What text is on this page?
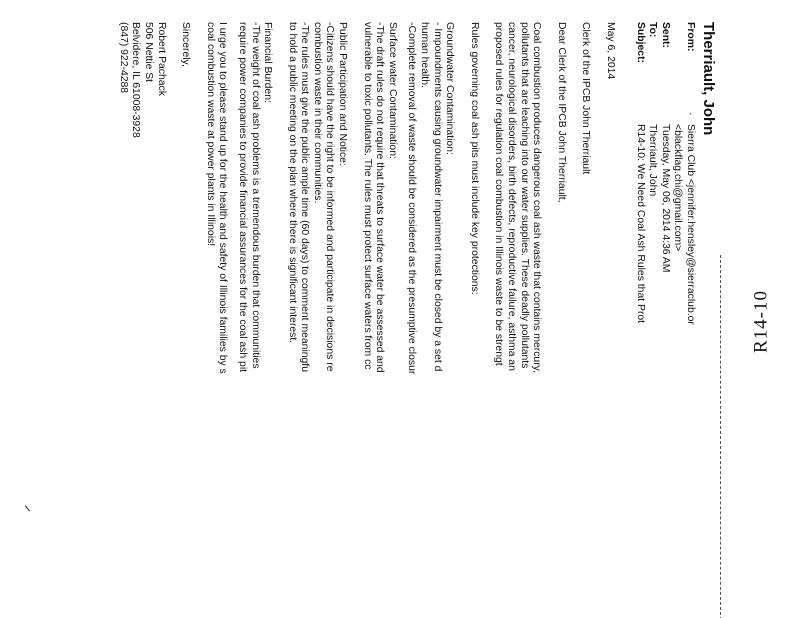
R14-10
Therriault, John
From:
·
Sierra Club <jennifer.hensley@sierraclub.or
<blackflag.chi@gmail.com>
Sent:
Tuesday, May 06, 2014 4:36 AM
To:
Therriault, John
Subject:
R14-10: We Need Coal Ash Rules that Prot
May 6, 2014
Clerk of the IPCB John Therriault
Dear Clerk of the IPCB John Therriault,
Coal combustion produces dangerous coal ash waste that contains mercury,
pollutants that are leaching into our water supplies. These deadly pollutants
cancer, neurological disorders, birth defects, reproductive failure, asthma an
proposed rules for regulation coal combustion in Illinois waste to be strengt
Rules governing coal ash pits must include key protections:
Groundwater Contamination:
- Impoundments causing groundwater impairment must be closed by a set d
human health.
-Complete removal of waste should be considered as the presumptive closur
Surface water Contamination:
-The draft rules do not require that threats to surface water be assessed and
vulnerable to toxic pollutants. The rules must protect surface waters from cc
Public Participation and Notice:
-Citizens should have the right to be informed and participate in decisions re
combustion waste in their communities.
-The rules must give the public ample time (60 days) to comment meaningfu
to hold a public meeting on the plan where there is significant interest.
Financial Burden:
-The weight of coal ash problems is a tremendous burden that communities
require power companies to provide financial assurances for the coal ash pit
I urge you to please stand up for the health and safety of Illinois families by s
coal combustion waste at power plants in Illinois!
Sincerely,
Robert Pachack
506 Nettie St
Belvidere, IL 61008-3928
(847) 922-4288
